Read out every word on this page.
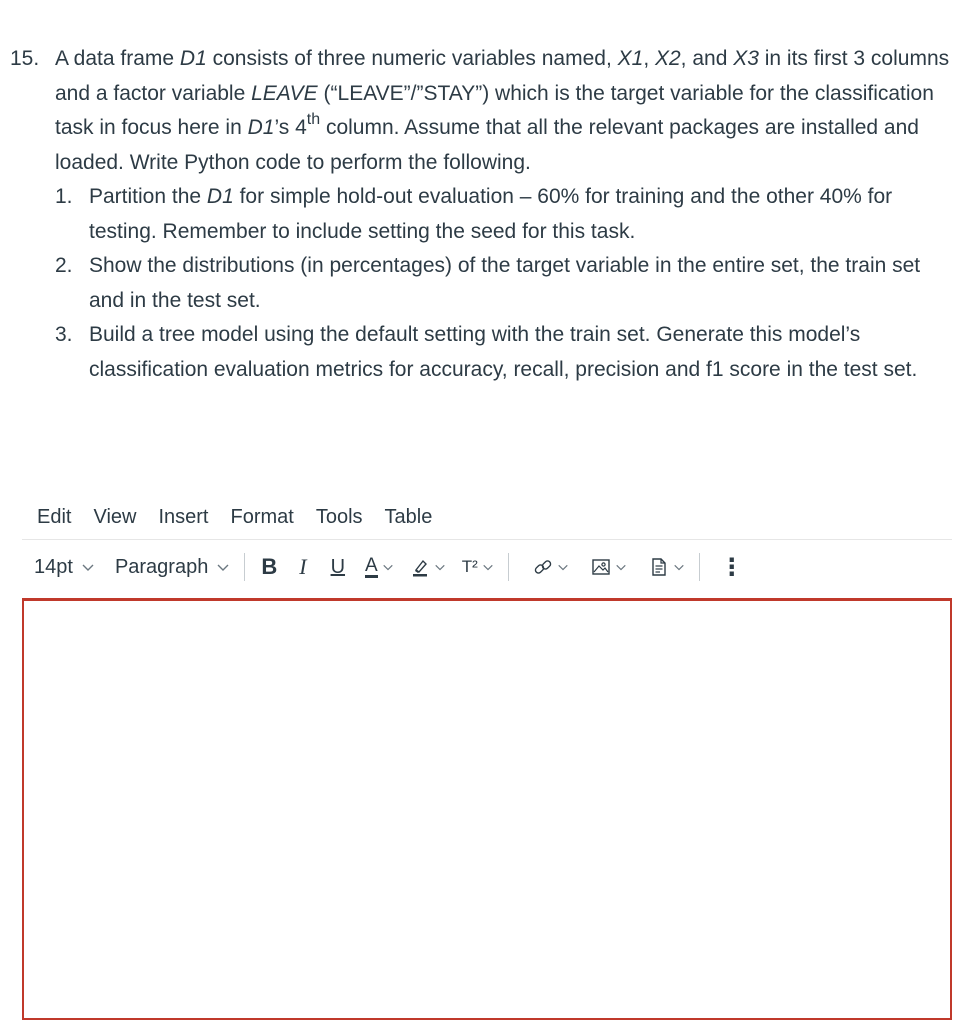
15. A data frame D1 consists of three numeric variables named, X1, X2, and X3 in its first 3 columns and a factor variable LEAVE (“LEAVE”/”STAY”) which is the target variable for the classification task in focus here in D1’s 4th column. Assume that all the relevant packages are installed and loaded. Write Python code to perform the following.
1. Partition the D1 for simple hold-out evaluation – 60% for training and the other 40% for testing. Remember to include setting the seed for this task.
2. Show the distributions (in percentages) of the target variable in the entire set, the train set and in the test set.
3. Build a tree model using the default setting with the train set. Generate this model’s classification evaluation metrics for accuracy, recall, precision and f1 score in the test set.
Edit	View	Insert	Format	Tools	Table
14pt Paragraph	B	I	U	A	T²	⋮
